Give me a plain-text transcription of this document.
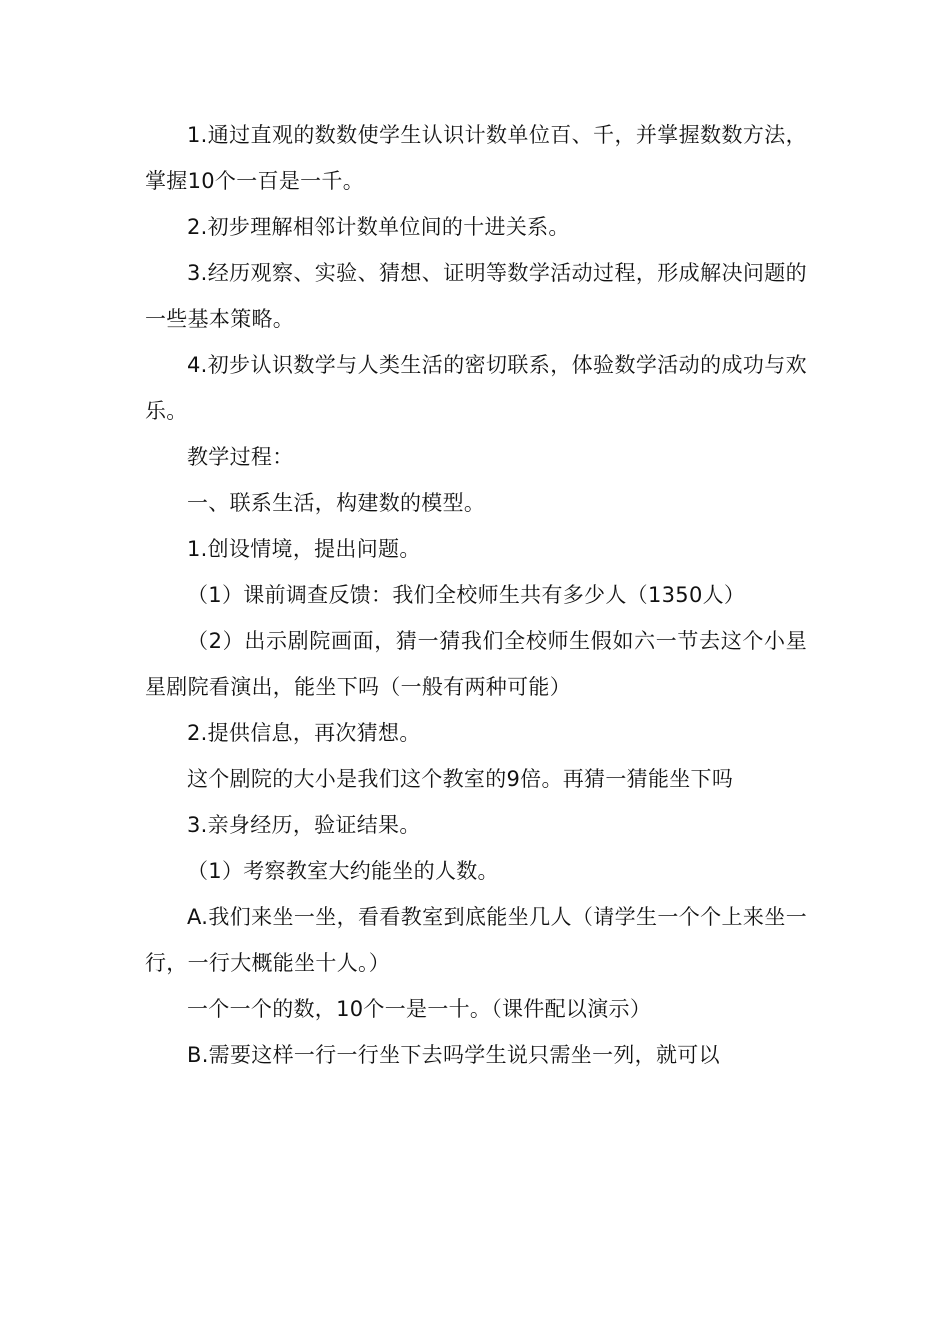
1.通过直观的数数使学生认识计数单位百、千，并掌握数数方法，掌握10个一百是一千。

2.初步理解相邻计数单位间的十进关系。

3.经历观察、实验、猜想、证明等数学活动过程，形成解决问题的一些基本策略。

4.初步认识数学与人类生活的密切联系，体验数学活动的成功与欢乐。

教学过程：

一、联系生活，构建数的模型。

1.创设情境，提出问题。

（1）课前调查反馈：我们全校师生共有多少人（1350人）

（2）出示剧院画面，猜一猜我们全校师生假如六一节去这个小星星剧院看演出，能坐下吗（一般有两种可能）

2.提供信息，再次猜想。

这个剧院的大小是我们这个教室的9倍。再猜一猜能坐下吗

3.亲身经历，验证结果。

（1）考察教室大约能坐的人数。

A.我们来坐一坐，看看教室到底能坐几人（请学生一个个上来坐一行，一行大概能坐十人。）

一个一个的数，10个一是一十。（课件配以演示）

B.需要这样一行一行坐下去吗学生说只需坐一列，就可以
